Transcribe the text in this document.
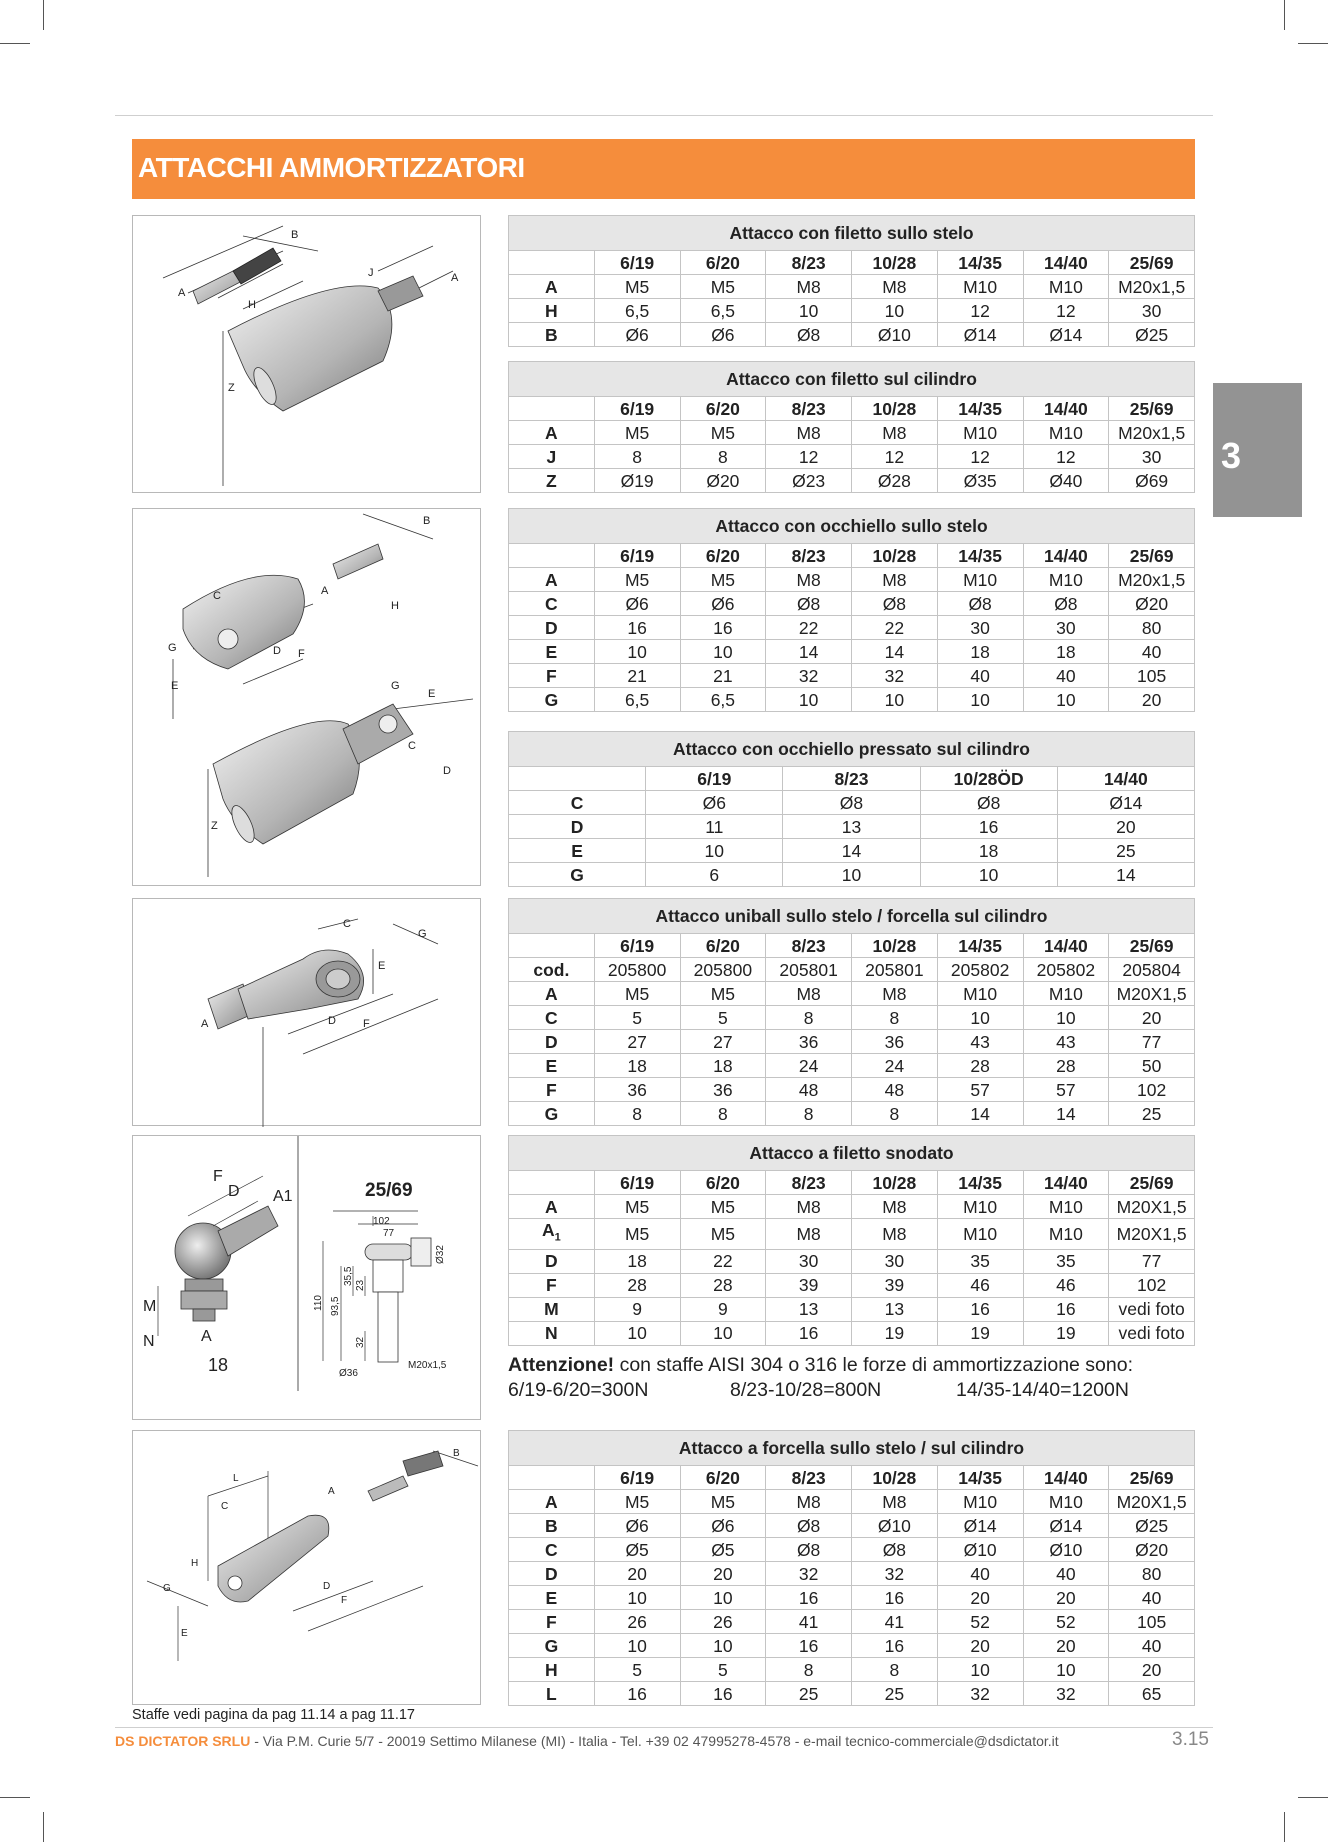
ATTACCHI AMMORTIZZATORI
3
B
A
H
J	A
Z
B
C	A
H
G	D F
E	G
E
C
D
Z
C
G
E
A	D F
F
D A1
M
N	A
18
25/69
102
77
Ø32
110 93,5
35,5 23
32
Ø36
M20x1,5
B
L
C
A
H
G	D
F
E
Attacco con filetto sullo stelo							
	6/19	6/20	8/23	10/28	14/35	14/40	25/69
A	M5	M5	M8	M8	M10	M10	M20x1,5
H	6,5	6,5	10	10	12	12	30
B	Ø6	Ø6	Ø8	Ø10	Ø14	Ø14	Ø25
Attacco con filetto sul cilindro							
	6/19	6/20	8/23	10/28	14/35	14/40	25/69
A	M5	M5	M8	M8	M10	M10	M20x1,5
J	8	8	12	12	12	12	30
Z	Ø19	Ø20	Ø23	Ø28	Ø35	Ø40	Ø69
Attacco con occhiello sullo stelo							
	6/19	6/20	8/23	10/28	14/35	14/40	25/69
A	M5	M5	M8	M8	M10	M10	M20x1,5
C	Ø6	Ø6	Ø8	Ø8	Ø8	Ø8	Ø20
D	16	16	22	22	30	30	80
E	10	10	14	14	18	18	40
F	21	21	32	32	40	40	105
G	6,5	6,5	10	10	10	10	20
Attacco con occhiello pressato sul cilindro				
	6/19	8/23	10/28ÖD	14/40
C	Ø6	Ø8	Ø8	Ø14
D	11	13	16	20
E	10	14	18	25
G	6	10	10	14
Attacco uniball sullo stelo / forcella sul cilindro							
	6/19	6/20	8/23	10/28	14/35	14/40	25/69
cod.	205800	205800	205801	205801	205802	205802	205804
A	M5	M5	M8	M8	M10	M10	M20X1,5
C	5	5	8	8	10	10	20
D	27	27	36	36	43	43	77
E	18	18	24	24	28	28	50
F	36	36	48	48	57	57	102
G	8	8	8	8	14	14	25
Attacco a filetto snodato							
	6/19	6/20	8/23	10/28	14/35	14/40	25/69
A	M5	M5	M8	M8	M10	M10	M20X1,5
$A_1$	M5	M5	M8	M8	M10	M10	M20X1,5
D	18	22	30	30	35	35	77
F	28	28	39	39	46	46	102
M	9	9	13	13	16	16	vedi foto
N	10	10	16	19	19	19	vedi foto
Attenzione! con staffe AISI 304 o 316 le forze di ammortizzazione sono:
6/19-6/20=300N	8/23-10/28=800N	14/35-14/40=1200N
Attacco a forcella sullo stelo / sul cilindro							
	6/19	6/20	8/23	10/28	14/35	14/40	25/69
A	M5	M5	M8	M8	M10	M10	M20X1,5
B	Ø6	Ø6	Ø8	Ø10	Ø14	Ø14	Ø25
C	Ø5	Ø5	Ø8	Ø8	Ø10	Ø10	Ø20
D	20	20	32	32	40	40	80
E	10	10	16	16	20	20	40
F	26	26	41	41	52	52	105
G	10	10	16	16	20	20	40
H	5	5	8	8	10	10	20
L	16	16	25	25	32	32	65
Staffe vedi pagina da pag 11.14 a pag 11.17
DS DICTATOR SRLU - Via P.M. Curie 5/7 - 20019 Settimo Milanese (MI) - Italia - Tel. +39 02 47995278-4578 - e-mail tecnico-commerciale@dsdictator.it	3.15
